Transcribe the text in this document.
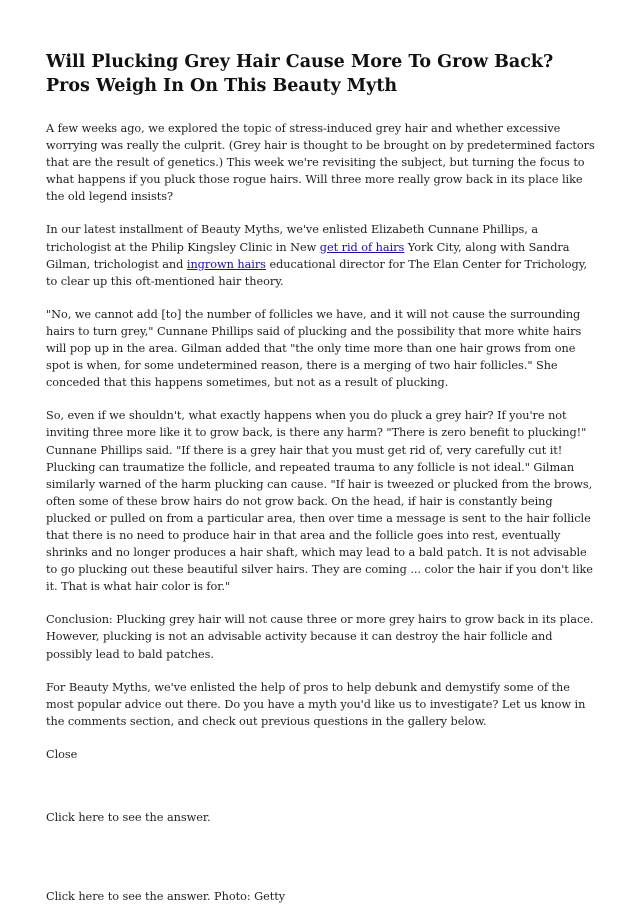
Will Plucking Grey Hair Cause More To Grow Back? Pros Weigh In On This Beauty Myth

A few weeks ago, we explored the topic of stress-induced grey hair and whether excessive worrying was really the culprit. (Grey hair is thought to be brought on by predetermined factors that are the result of genetics.) This week we're revisiting the subject, but turning the focus to what happens if you pluck those rogue hairs. Will three more really grow back in its place like the old legend insists?

In our latest installment of Beauty Myths, we've enlisted Elizabeth Cunnane Phillips, a trichologist at the Philip Kingsley Clinic in New get rid of hairs York City, along with Sandra Gilman, trichologist and ingrown hairs educational director for The Elan Center for Trichology, to clear up this oft-mentioned hair theory.

"No, we cannot add [to] the number of follicles we have, and it will not cause the surrounding hairs to turn grey," Cunnane Phillips said of plucking and the possibility that more white hairs will pop up in the area. Gilman added that "the only time more than one hair grows from one spot is when, for some undetermined reason, there is a merging of two hair follicles." She conceded that this happens sometimes, but not as a result of plucking.

So, even if we shouldn't, what exactly happens when you do pluck a grey hair? If you're not inviting three more like it to grow back, is there any harm? "There is zero benefit to plucking!" Cunnane Phillips said. "If there is a grey hair that you must get rid of, very carefully cut it! Plucking can traumatize the follicle, and repeated trauma to any follicle is not ideal." Gilman similarly warned of the harm plucking can cause. "If hair is tweezed or plucked from the brows, often some of these brow hairs do not grow back. On the head, if hair is constantly being plucked or pulled on from a particular area, then over time a message is sent to the hair follicle that there is no need to produce hair in that area and the follicle goes into rest, eventually shrinks and no longer produces a hair shaft, which may lead to a bald patch. It is not advisable to go plucking out these beautiful silver hairs. They are coming ... color the hair if you don't like it. That is what hair color is for."

Conclusion: Plucking grey hair will not cause three or more grey hairs to grow back in its place. However, plucking is not an advisable activity because it can destroy the hair follicle and possibly lead to bald patches.

For Beauty Myths, we've enlisted the help of pros to help debunk and demystify some of the most popular advice out there. Do you have a myth you'd like us to investigate? Let us know in the comments section, and check out previous questions in the gallery below.

Close

Click here to see the answer.

Click here to see the answer. Photo: Getty
